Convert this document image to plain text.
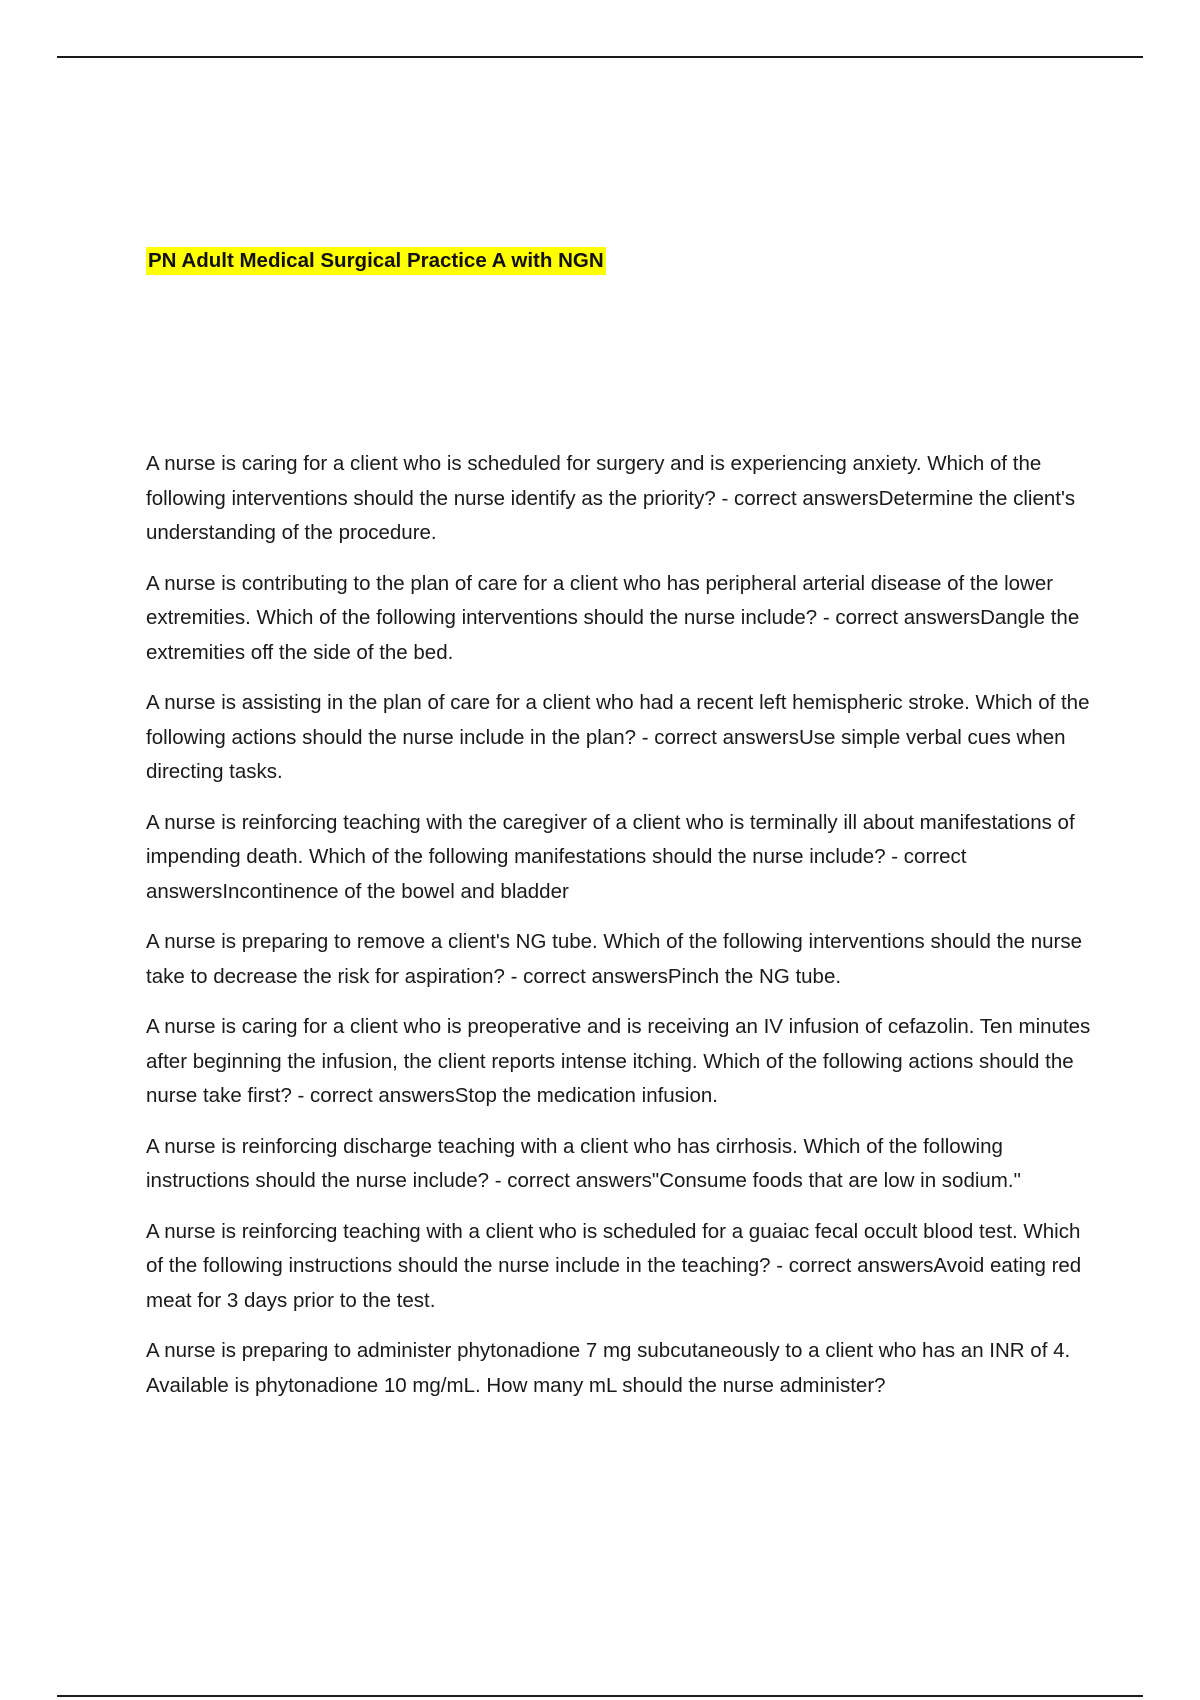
PN Adult Medical Surgical Practice A with NGN
A nurse is caring for a client who is scheduled for surgery and is experiencing anxiety. Which of the following interventions should the nurse identify as the priority? - correct answersDetermine the client's understanding of the procedure.
A nurse is contributing to the plan of care for a client who has peripheral arterial disease of the lower extremities. Which of the following interventions should the nurse include? - correct answersDangle the extremities off the side of the bed.
A nurse is assisting in the plan of care for a client who had a recent left hemispheric stroke. Which of the following actions should the nurse include in the plan? - correct answersUse simple verbal cues when directing tasks.
A nurse is reinforcing teaching with the caregiver of a client who is terminally ill about manifestations of impending death. Which of the following manifestations should the nurse include? - correct answersIncontinence of the bowel and bladder
A nurse is preparing to remove a client's NG tube. Which of the following interventions should the nurse take to decrease the risk for aspiration? - correct answersPinch the NG tube.
A nurse is caring for a client who is preoperative and is receiving an IV infusion of cefazolin. Ten minutes after beginning the infusion, the client reports intense itching. Which of the following actions should the nurse take first? - correct answersStop the medication infusion.
A nurse is reinforcing discharge teaching with a client who has cirrhosis. Which of the following instructions should the nurse include? - correct answers"Consume foods that are low in sodium."
A nurse is reinforcing teaching with a client who is scheduled for a guaiac fecal occult blood test. Which of the following instructions should the nurse include in the teaching? - correct answersAvoid eating red meat for 3 days prior to the test.
A nurse is preparing to administer phytonadione 7 mg subcutaneously to a client who has an INR of 4. Available is phytonadione 10 mg/mL. How many mL should the nurse administer?
